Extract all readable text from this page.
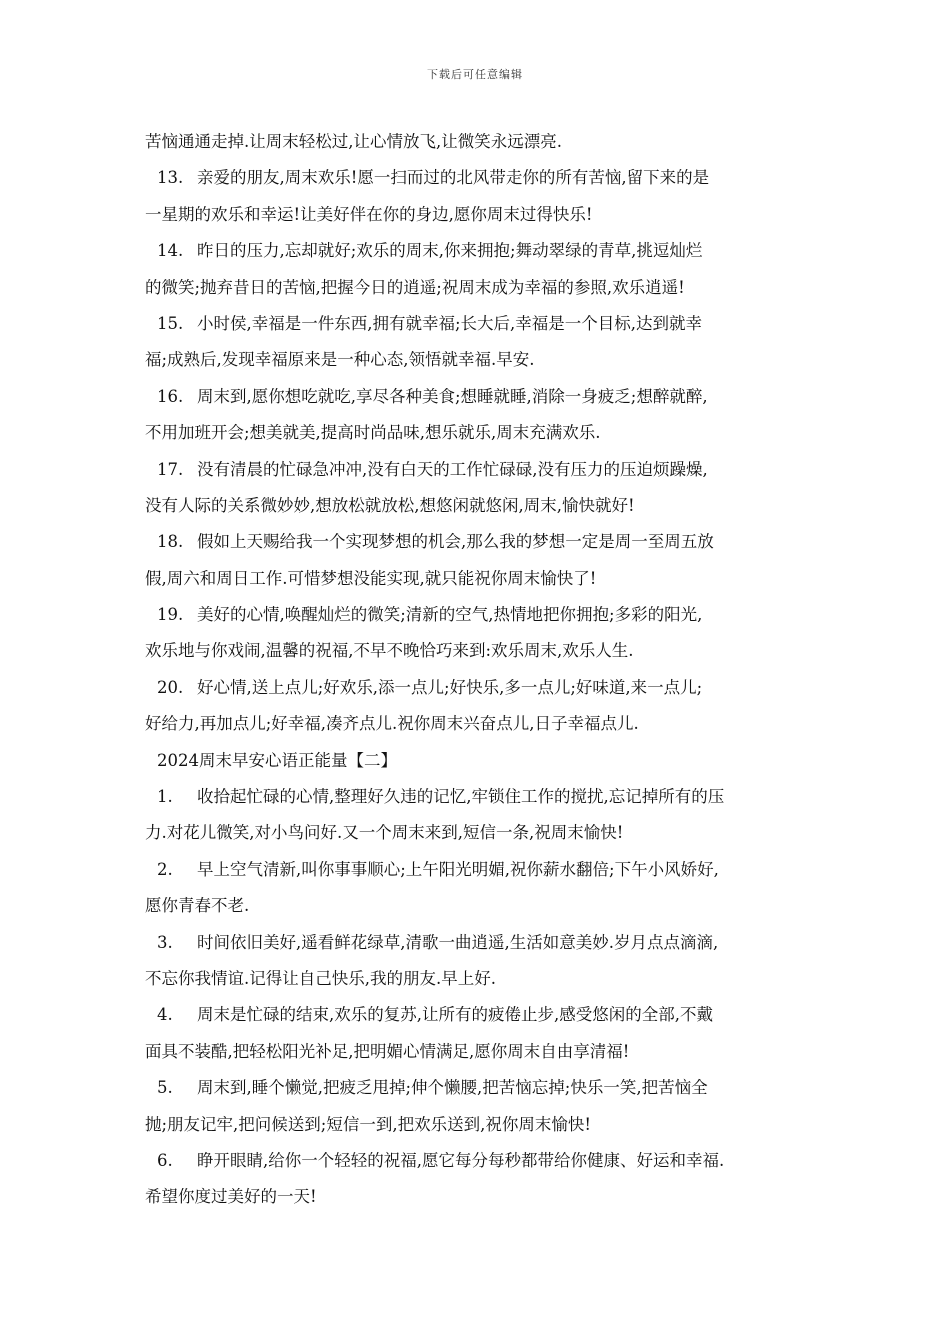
下载后可任意编辑
苦恼通通走掉.让周末轻松过,让心情放飞,让微笑永远漂亮.
13. 亲爱的朋友,周末欢乐!愿一扫而过的北风带走你的所有苦恼,留下来的是
一星期的欢乐和幸运!让美好伴在你的身边,愿你周末过得快乐!
14. 昨日的压力,忘却就好;欢乐的周末,你来拥抱;舞动翠绿的青草,挑逗灿烂
的微笑;抛弃昔日的苦恼,把握今日的逍遥;祝周末成为幸福的参照,欢乐逍遥!
15. 小时侯,幸福是一件东西,拥有就幸福;长大后,幸福是一个目标,达到就幸
福;成熟后,发现幸福原来是一种心态,领悟就幸福.早安.
16. 周末到,愿你想吃就吃,享尽各种美食;想睡就睡,消除一身疲乏;想醉就醉,
不用加班开会;想美就美,提高时尚品味,想乐就乐,周末充满欢乐.
17. 没有清晨的忙碌急冲冲,没有白天的工作忙碌碌,没有压力的压迫烦躁燥,
没有人际的关系微妙妙,想放松就放松,想悠闲就悠闲,周末,愉快就好!
18. 假如上天赐给我一个实现梦想的机会,那么我的梦想一定是周一至周五放
假,周六和周日工作.可惜梦想没能实现,就只能祝你周末愉快了!
19. 美好的心情,唤醒灿烂的微笑;清新的空气,热情地把你拥抱;多彩的阳光,
欢乐地与你戏闹,温馨的祝福,不早不晚恰巧来到:欢乐周末,欢乐人生.
20. 好心情,送上点儿;好欢乐,添一点儿;好快乐,多一点儿;好味道,来一点儿;
好给力,再加点儿;好幸福,凑齐点儿.祝你周末兴奋点儿,日子幸福点儿.
2024周末早安心语正能量【二】
1. 收拾起忙碌的心情,整理好久违的记忆,牢锁住工作的搅扰,忘记掉所有的压
力.对花儿微笑,对小鸟问好.又一个周末来到,短信一条,祝周末愉快!
2. 早上空气清新,叫你事事顺心;上午阳光明媚,祝你薪水翻倍;下午小风娇好,
愿你青春不老.
3. 时间依旧美好,遥看鲜花绿草,清歌一曲逍遥,生活如意美妙.岁月点点滴滴,
不忘你我情谊.记得让自己快乐,我的朋友.早上好.
4. 周末是忙碌的结束,欢乐的复苏,让所有的疲倦止步,感受悠闲的全部,不戴
面具不装酷,把轻松阳光补足,把明媚心情满足,愿你周末自由享清福!
5. 周末到,睡个懒觉,把疲乏甩掉;伸个懒腰,把苦恼忘掉;快乐一笑,把苦恼全
抛;朋友记牢,把问候送到;短信一到,把欢乐送到,祝你周末愉快!
6. 睁开眼睛,给你一个轻轻的祝福,愿它每分每秒都带给你健康、好运和幸福.
希望你度过美好的一天!
